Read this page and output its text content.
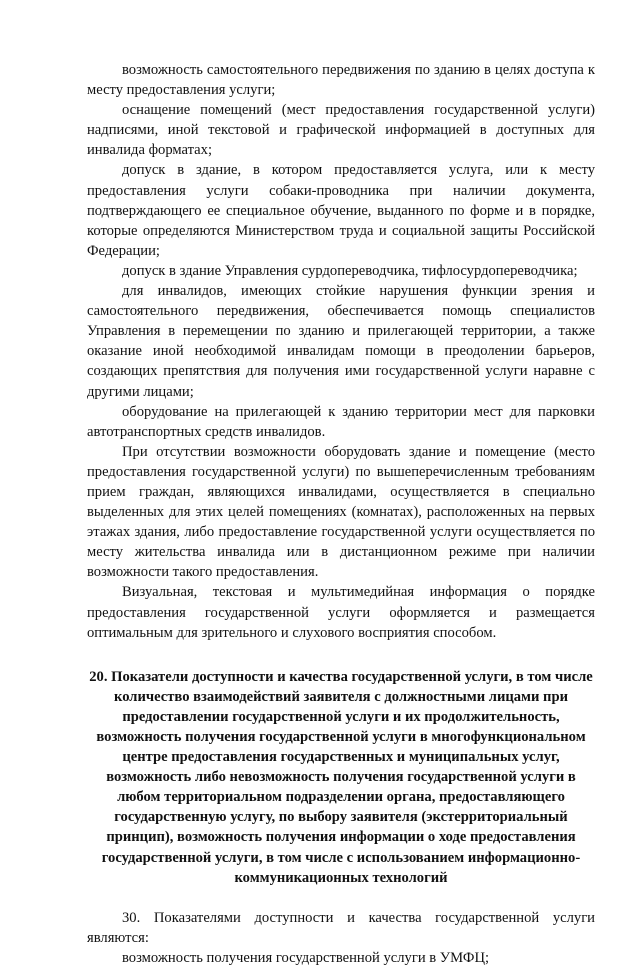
возможность самостоятельного передвижения по зданию в целях доступа к месту предоставления услуги;

оснащение помещений (мест предоставления государственной услуги) надписями, иной текстовой и графической информацией в доступных для инвалида форматах;

допуск в здание, в котором предоставляется услуга, или к месту предоставления услуги собаки-проводника при наличии документа, подтверждающего ее специальное обучение, выданного по форме и в порядке, которые определяются Министерством труда и социальной защиты Российской Федерации;

допуск в здание Управления сурдопереводчика, тифлосурдопереводчика;

для инвалидов, имеющих стойкие нарушения функции зрения и самостоятельного передвижения, обеспечивается помощь специалистов Управления в перемещении по зданию и прилегающей территории, а также оказание иной необходимой инвалидам помощи в преодолении барьеров, создающих препятствия для получения ими государственной услуги наравне с другими лицами;

оборудование на прилегающей к зданию территории мест для парковки автотранспортных средств инвалидов.

При отсутствии возможности оборудовать здание и помещение (место предоставления государственной услуги) по вышеперечисленным требованиям прием граждан, являющихся инвалидами, осуществляется в специально выделенных для этих целей помещениях (комнатах), расположенных на первых этажах здания, либо предоставление государственной услуги осуществляется по месту жительства инвалида или в дистанционном режиме при наличии возможности такого предоставления.

Визуальная, текстовая и мультимедийная информация о порядке предоставления государственной услуги оформляется и размещается оптимальным для зрительного и слухового восприятия способом.

20. Показатели доступности и качества государственной услуги, в том числе количество взаимодействий заявителя с должностными лицами при предоставлении государственной услуги и их продолжительность, возможность получения государственной услуги в многофункциональном центре предоставления государственных и муниципальных услуг, возможность либо невозможность получения государственной услуги в любом территориальном подразделении органа, предоставляющего государственную услугу, по выбору заявителя (экстерриториальный принцип), возможность получения информации о ходе предоставления государственной услуги, в том числе с использованием информационно-коммуникационных технологий

30. Показателями доступности и качества государственной услуги являются:

возможность получения государственной услуги в УМФЦ;
